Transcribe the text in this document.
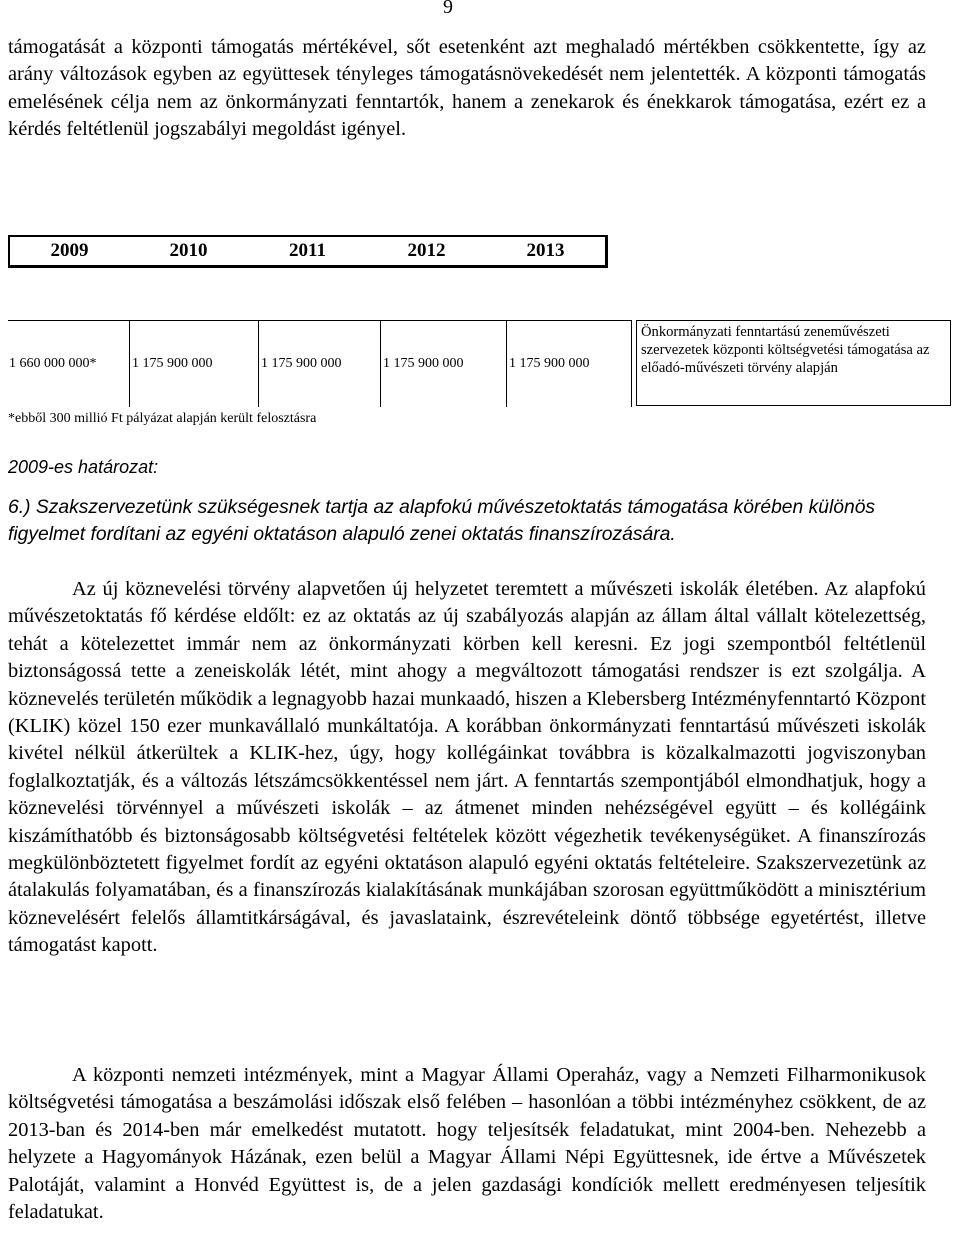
9

támogatását a központi támogatás mértékével, sőt esetenként azt meghaladó mértékben csökkentette, így az arány változások egyben az együttesek tényleges támogatásnövekedését nem jelentették. A központi támogatás emelésének célja nem az önkormányzati fenntartók, hanem a zenekarok és énekkarok támogatása, ezért ez a kérdés feltétlenül jogszabályi megoldást igényel.

2009	2010	2011	2012	2013
1 660 000 000*	1 175 900 000	1 175 900 000	1 175 900 000	1 175 900 000
Önkormányzati fenntartású zeneművészeti szervezetek központi költségvetési támogatása az előadó-művészeti törvény alapján
*ebből 300 millió Ft pályázat alapján került felosztásra
2009-es határozat:

6.) Szakszervezetünk szükségesnek tartja az alapfokú művészetoktatás támogatása körében különös figyelmet fordítani az egyéni oktatáson alapuló zenei oktatás finanszírozására.

Az új köznevelési törvény alapvetően új helyzetet teremtett a művészeti iskolák életében. Az alapfokú művészetoktatás fő kérdése eldőlt: ez az oktatás az új szabályozás alapján az állam által vállalt kötelezettség, tehát a kötelezettet immár nem az önkormányzati körben kell keresni. Ez jogi szempontból feltétlenül biztonságossá tette a zeneiskolák létét, mint ahogy a megváltozott támogatási rendszer is ezt szolgálja. A köznevelés területén működik a legnagyobb hazai munkaadó, hiszen a Klebersberg Intézményfenntartó Központ (KLIK) közel 150 ezer munkavállaló munkáltatója. A korábban önkormányzati fenntartású művészeti iskolák kivétel nélkül átkerültek a KLIK-hez, úgy, hogy kollégáinkat továbbra is közalkalmazotti jogviszonyban foglalkoztatják, és a változás létszámcsökkentéssel nem járt. A fenntartás szempontjából elmondhatjuk, hogy a köznevelési törvénnyel a művészeti iskolák – az átmenet minden nehézségével együtt – és kollégáink kiszámíthatóbb és biztonságosabb költségvetési feltételek között végezhetik tevékenységüket. A finanszírozás megkülönböztetett figyelmet fordít az egyéni oktatáson alapuló egyéni oktatás feltételeire. Szakszervezetünk az átalakulás folyamatában, és a finanszírozás kialakításának munkájában szorosan együttműködött a minisztérium köznevelésért felelős államtitkárságával, és javaslataink, észrevételeink döntő többsége egyetértést, illetve támogatást kapott.

A központi nemzeti intézmények, mint a Magyar Állami Operaház, vagy a Nemzeti Filharmonikusok költségvetési támogatása a beszámolási időszak első felében – hasonlóan a többi intézményhez csökkent, de az 2013-ban és 2014-ben már emelkedést mutatott. hogy teljesítsék feladatukat, mint 2004-ben. Nehezebb a helyzete a Hagyományok Házának, ezen belül a Magyar Állami Népi Együttesnek, ide értve a Művészetek Palotáját, valamint a Honvéd Együttest is, de a jelen gazdasági kondíciók mellett eredményesen teljesítik feladatukat.
